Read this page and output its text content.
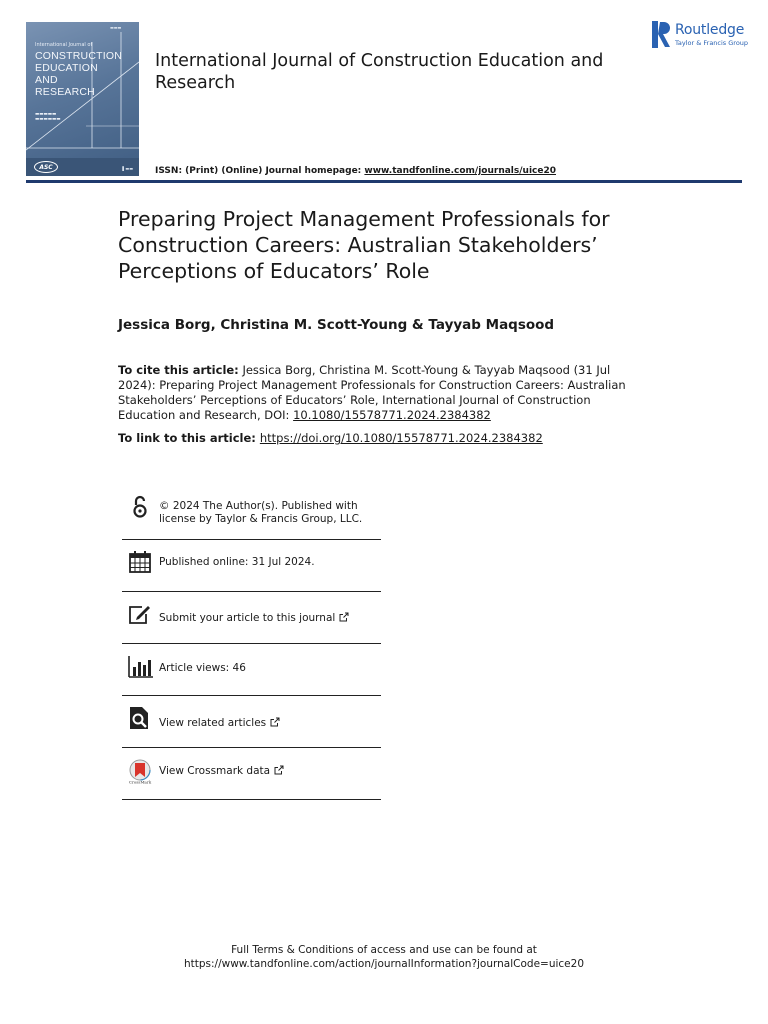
▬▬▬
International Journal of
CONSTRUCTION
EDUCATION
AND
RESEARCH
▬▬▬▬▬
▬▬▬▬▬▬
ASC	▌▬▬
International Journal of Construction Education and Research
Routledge
Taylor & Francis Group
ISSN: (Print) (Online) Journal homepage: www.tandfonline.com/journals/uice20
Preparing Project Management Professionals for Construction Careers: Australian Stakeholders’ Perceptions of Educators’ Role
Jessica Borg, Christina M. Scott-Young & Tayyab Maqsood
To cite this article: Jessica Borg, Christina M. Scott-Young & Tayyab Maqsood (31 Jul 2024): Preparing Project Management Professionals for Construction Careers: Australian Stakeholders’ Perceptions of Educators’ Role, International Journal of Construction Education and Research, DOI: 10.1080/15578771.2024.2384382
To link to this article: https://doi.org/10.1080/15578771.2024.2384382
© 2024 The Author(s). Published with
license by Taylor & Francis Group, LLC.
Published online: 31 Jul 2024.
Submit your article to this journal
Article views: 46
View related articles
CrossMark
View Crossmark data
Full Terms & Conditions of access and use can be found at
https://www.tandfonline.com/action/journalInformation?journalCode=uice20
